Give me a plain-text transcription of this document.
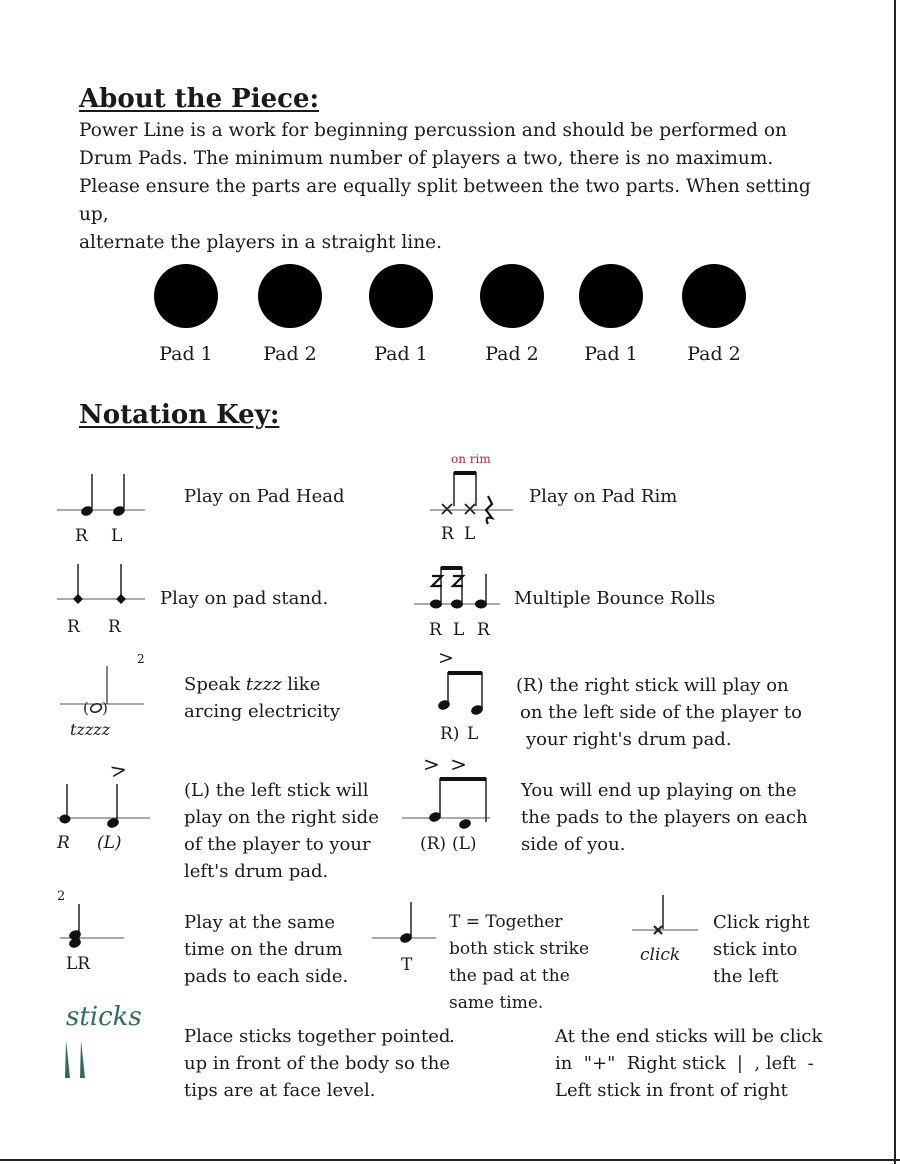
About the Piece:

Power Line is a work for beginning percussion and should be performed on

Drum Pads. The minimum number of players a two, there is no maximum.

Please ensure the parts are equally split between the two parts. When setting up,

alternate the players in a straight line.

Pad 1	Pad 2	Pad 1	Pad 2	Pad 1	Pad 2
Notation Key:
R L
Play on Pad Head
on rim
R L
Play on Pad Rim
R R
Play on pad stand.
R L R
Multiple Bounce Rolls
2
( )
tzzzz
Speak tzzz like
arcing electricity
>
R) L
(R) the right stick will play on
on the left side of the player to
your right's drum pad.
>
R (L)
(L) the left stick will
play on the right side
of the player to your
left's drum pad.
> >
(R) (L)
You will end up playing on the
the pads to the players on each
side of you.
2
LR
Play at the same
time on the drum
pads to each side.
T
T = Together
both stick strike
the pad at the
same time.
click
Click right
stick into
the left
sticks
Place sticks together pointed
up in front of the body so the
tips are at face level.
.	At the end sticks will be click
in  "+"  Right stick  |  , left  -
Left stick in front of right
